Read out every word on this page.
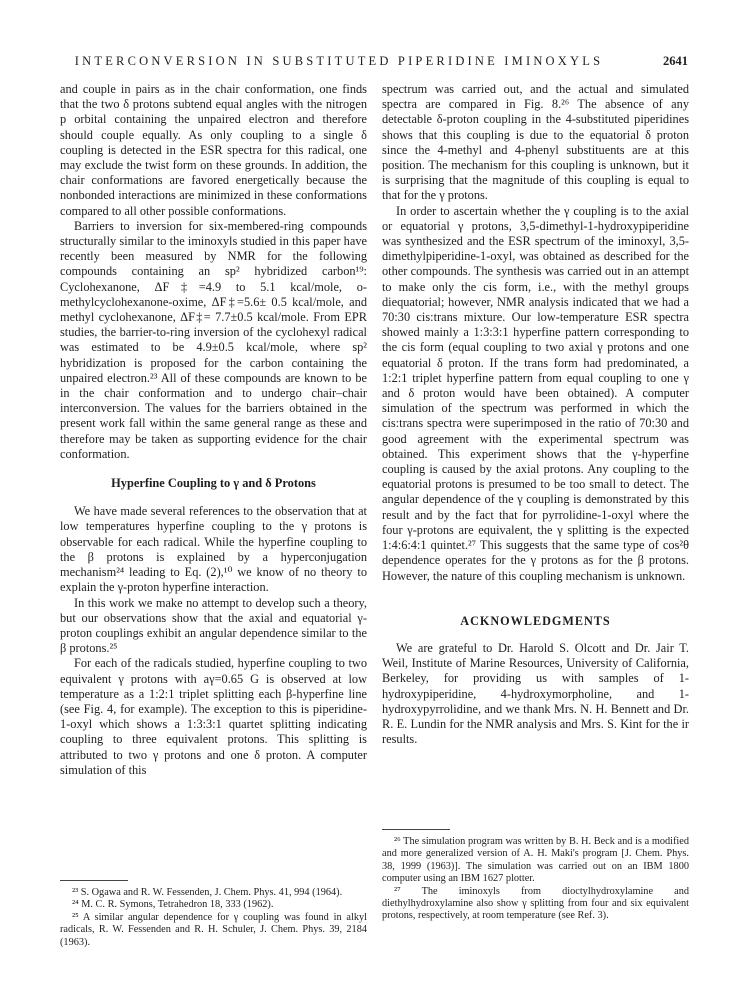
INTERCONVERSION IN SUBSTITUTED PIPERIDINE IMINOXYLS	2641

and couple in pairs as in the chair conformation, one finds that the two δ protons subtend equal angles with the nitrogen p orbital containing the unpaired electron and therefore should couple equally. As only coupling to a single δ coupling is detected in the ESR spectra for this radical, one may exclude the twist form on these grounds. In addition, the chair conformations are favored energetically because the nonbonded interactions are minimized in these conformations compared to all other possible conformations.

Barriers to inversion for six-membered-ring compounds structurally similar to the iminoxyls studied in this paper have recently been measured by NMR for the following compounds containing an sp² hybridized carbon¹⁹: Cyclohexanone, ΔF‡=4.9 to 5.1 kcal/mole, o-methylcyclohexanone-oxime, ΔF‡=5.6± 0.5 kcal/mole, and methyl cyclohexanone, ΔF‡= 7.7±0.5 kcal/mole. From EPR studies, the barrier-to-ring inversion of the cyclohexyl radical was estimated to be 4.9±0.5 kcal/mole, where sp² hybridization is proposed for the carbon containing the unpaired electron.²³ All of these compounds are known to be in the chair conformation and to undergo chair–chair interconversion. The values for the barriers obtained in the present work fall within the same general range as these and therefore may be taken as supporting evidence for the chair conformation.

Hyperfine Coupling to γ and δ Protons

We have made several references to the observation that at low temperatures hyperfine coupling to the γ protons is observable for each radical. While the hyperfine coupling to the β protons is explained by a hyperconjugation mechanism²⁴ leading to Eq. (2),¹⁰ we know of no theory to explain the γ-proton hyperfine interaction.

In this work we make no attempt to develop such a theory, but our observations show that the axial and equatorial γ-proton couplings exhibit an angular dependence similar to the β protons.²⁵

For each of the radicals studied, hyperfine coupling to two equivalent γ protons with aγ=0.65 G is observed at low temperature as a 1:2:1 triplet splitting each β-hyperfine line (see Fig. 4, for example). The exception to this is piperidine-1-oxyl which shows a 1:3:3:1 quartet splitting indicating coupling to three equivalent protons. This splitting is attributed to two γ protons and one δ proton. A computer simulation of this

²³ S. Ogawa and R. W. Fessenden, J. Chem. Phys. 41, 994 (1964).

²⁴ M. C. R. Symons, Tetrahedron 18, 333 (1962).

²⁵ A similar angular dependence for γ coupling was found in alkyl radicals, R. W. Fessenden and R. H. Schuler, J. Chem. Phys. 39, 2184 (1963).

spectrum was carried out, and the actual and simulated spectra are compared in Fig. 8.²⁶ The absence of any detectable δ-proton coupling in the 4-substituted piperidines shows that this coupling is due to the equatorial δ proton since the 4-methyl and 4-phenyl substituents are at this position. The mechanism for this coupling is unknown, but it is surprising that the magnitude of this coupling is equal to that for the γ protons.

In order to ascertain whether the γ coupling is to the axial or equatorial γ protons, 3,5-dimethyl-1-hydroxypiperidine was synthesized and the ESR spectrum of the iminoxyl, 3,5-dimethylpiperidine-1-oxyl, was obtained as described for the other compounds. The synthesis was carried out in an attempt to make only the cis form, i.e., with the methyl groups diequatorial; however, NMR analysis indicated that we had a 70:30 cis:trans mixture. Our low-temperature ESR spectra showed mainly a 1:3:3:1 hyperfine pattern corresponding to the cis form (equal coupling to two axial γ protons and one equatorial δ proton. If the trans form had predominated, a 1:2:1 triplet hyperfine pattern from equal coupling to one γ and δ proton would have been obtained). A computer simulation of the spectrum was performed in which the cis:trans spectra were superimposed in the ratio of 70:30 and good agreement with the experimental spectrum was obtained. This experiment shows that the γ-hyperfine coupling is caused by the axial protons. Any coupling to the equatorial protons is presumed to be too small to detect. The angular dependence of the γ coupling is demonstrated by this result and by the fact that for pyrrolidine-1-oxyl where the four γ-protons are equivalent, the γ splitting is the expected 1:4:6:4:1 quintet.²⁷ This suggests that the same type of cos²θ dependence operates for the γ protons as for the β protons. However, the nature of this coupling mechanism is unknown.

ACKNOWLEDGMENTS

We are grateful to Dr. Harold S. Olcott and Dr. Jair T. Weil, Institute of Marine Resources, University of California, Berkeley, for providing us with samples of 1-hydroxypiperidine, 4-hydroxymorpholine, and 1-hydroxypyrrolidine, and we thank Mrs. N. H. Bennett and Dr. R. E. Lundin for the NMR analysis and Mrs. S. Kint for the ir results.

²⁶ The simulation program was written by B. H. Beck and is a modified and more generalized version of A. H. Maki's program [J. Chem. Phys. 38, 1999 (1963)]. The simulation was carried out on an IBM 1800 computer using an IBM 1627 plotter.

²⁷ The iminoxyls from dioctylhydroxylamine and diethylhydroxylamine also show γ splitting from four and six equivalent protons, respectively, at room temperature (see Ref. 3).
